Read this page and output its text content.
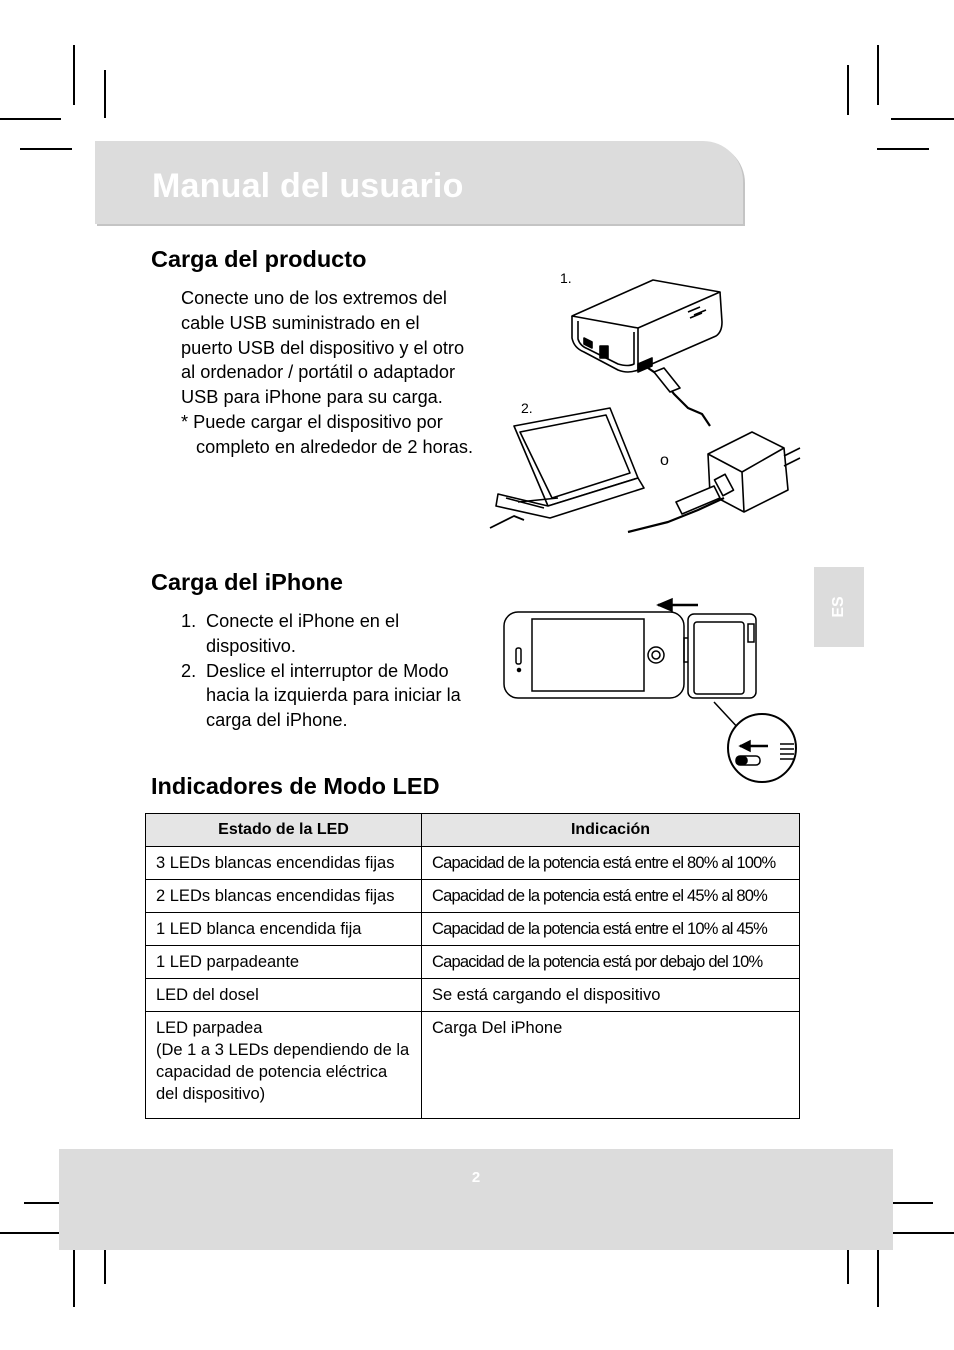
Manual del usuario
Carga del producto

Conecte uno de los extremos del cable USB suministrado en el puerto USB del dispositivo y el otro al ordenador / portátil o adaptador USB para iPhone para su carga.
* Puede cargar el dispositivo por completo en alrededor de 2 horas.

1.
2.
o
Carga del iPhone
1. Conecte el iPhone en el dispositivo.
2. Deslice el interruptor de Modo hacia la izquierda para iniciar la carga del iPhone.
ES
Indicadores de Modo LED
Estado de la LED	Indicación
3 LEDs blancas encendidas fijas	Capacidad de la potencia está entre el 80% al 100%
2 LEDs blancas encendidas fijas	Capacidad de la potencia está entre el 45% al 80%
1 LED blanca encendida fija	Capacidad de la potencia está entre el 10% al 45%
1 LED parpadeante	Capacidad de la potencia está por debajo del 10%
LED del dosel	Se está cargando el dispositivo

LED parpadea
(De 1 a 3 LEDs dependiendo de la capacidad de potencia eléctrica del dispositivo)	Carga Del iPhone
2
